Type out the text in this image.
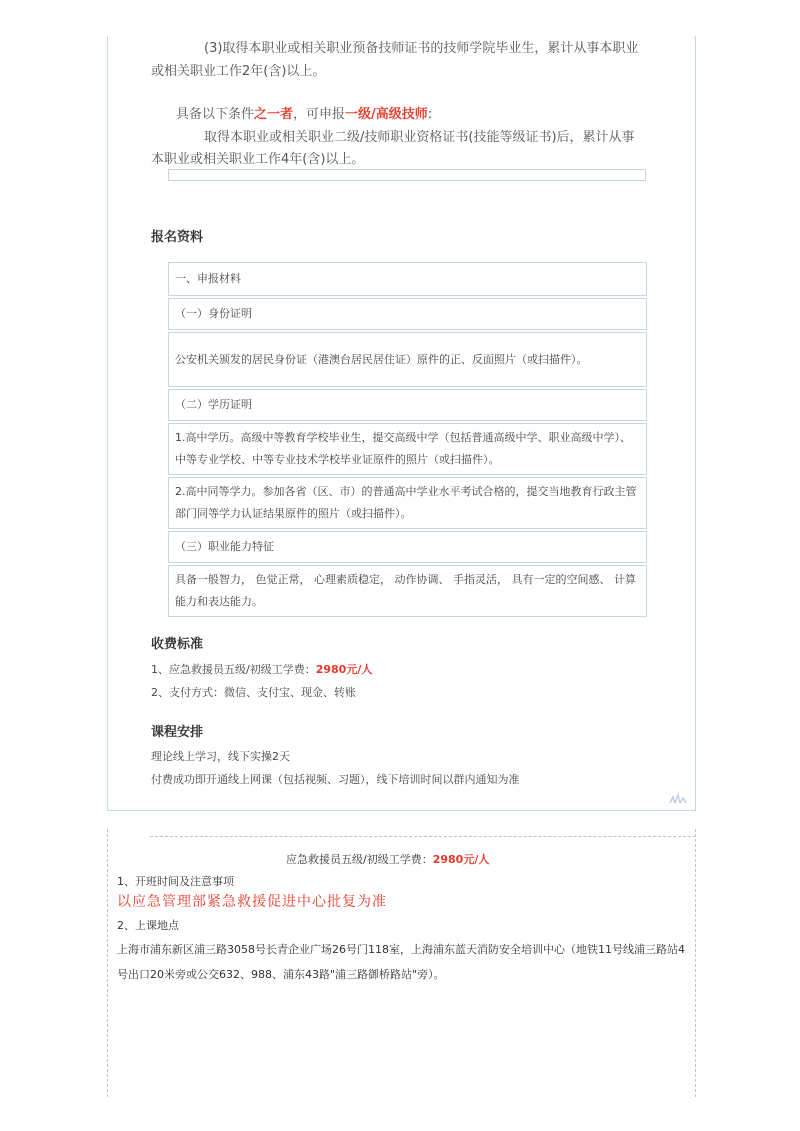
(3)取得本职业或相关职业预备技师证书的技师学院毕业生，累计从事本职业

或相关职业工作2年(含)以上。

具备以下条件之一者，可申报一级/高级技师:

取得本职业或相关职业二级/技师职业资格证书(技能等级证书)后，累计从事

本职业或相关职业工作4年(含)以上。

报名资料

一、申报材料
（一）身份证明
公安机关颁发的居民身份证（港澳台居民居住证）原件的正、反面照片（或扫描件）。
（二）学历证明
1.高中学历。高级中等教育学校毕业生，提交高级中学（包括普通高级中学、职业高级中学）、中等专业学校、中等专业技术学校毕业证原件的照片（或扫描件）。
2.高中同等学力。参加各省（区、市）的普通高中学业水平考试合格的，提交当地教育行政主管部门同等学力认证结果原件的照片（或扫描件）。
（三）职业能力特征
具备一般智力， 色觉正常， 心理素质稳定， 动作协调、 手指灵活， 具有一定的空间感、 计算能力和表达能力。

收费标准

1、应急救援员五级/初级工学费：2980元/人

2、支付方式：微信、支付宝、现金、转账

课程安排

理论线上学习，线下实操2天

付费成功即开通线上网课（包括视频、习题），线下培训时间以群内通知为准

应急救援员五级/初级工学费：2980元/人

1、开班时间及注意事项

以应急管理部紧急救援促进中心批复为准

2、上课地点

上海市浦东新区浦三路3058号长青企业广场26号门118室，上海浦东蓝天消防安全培训中心（地铁11号线浦三路站4号出口20米旁或公交632、988、浦东43路"浦三路御桥路站"旁）。
